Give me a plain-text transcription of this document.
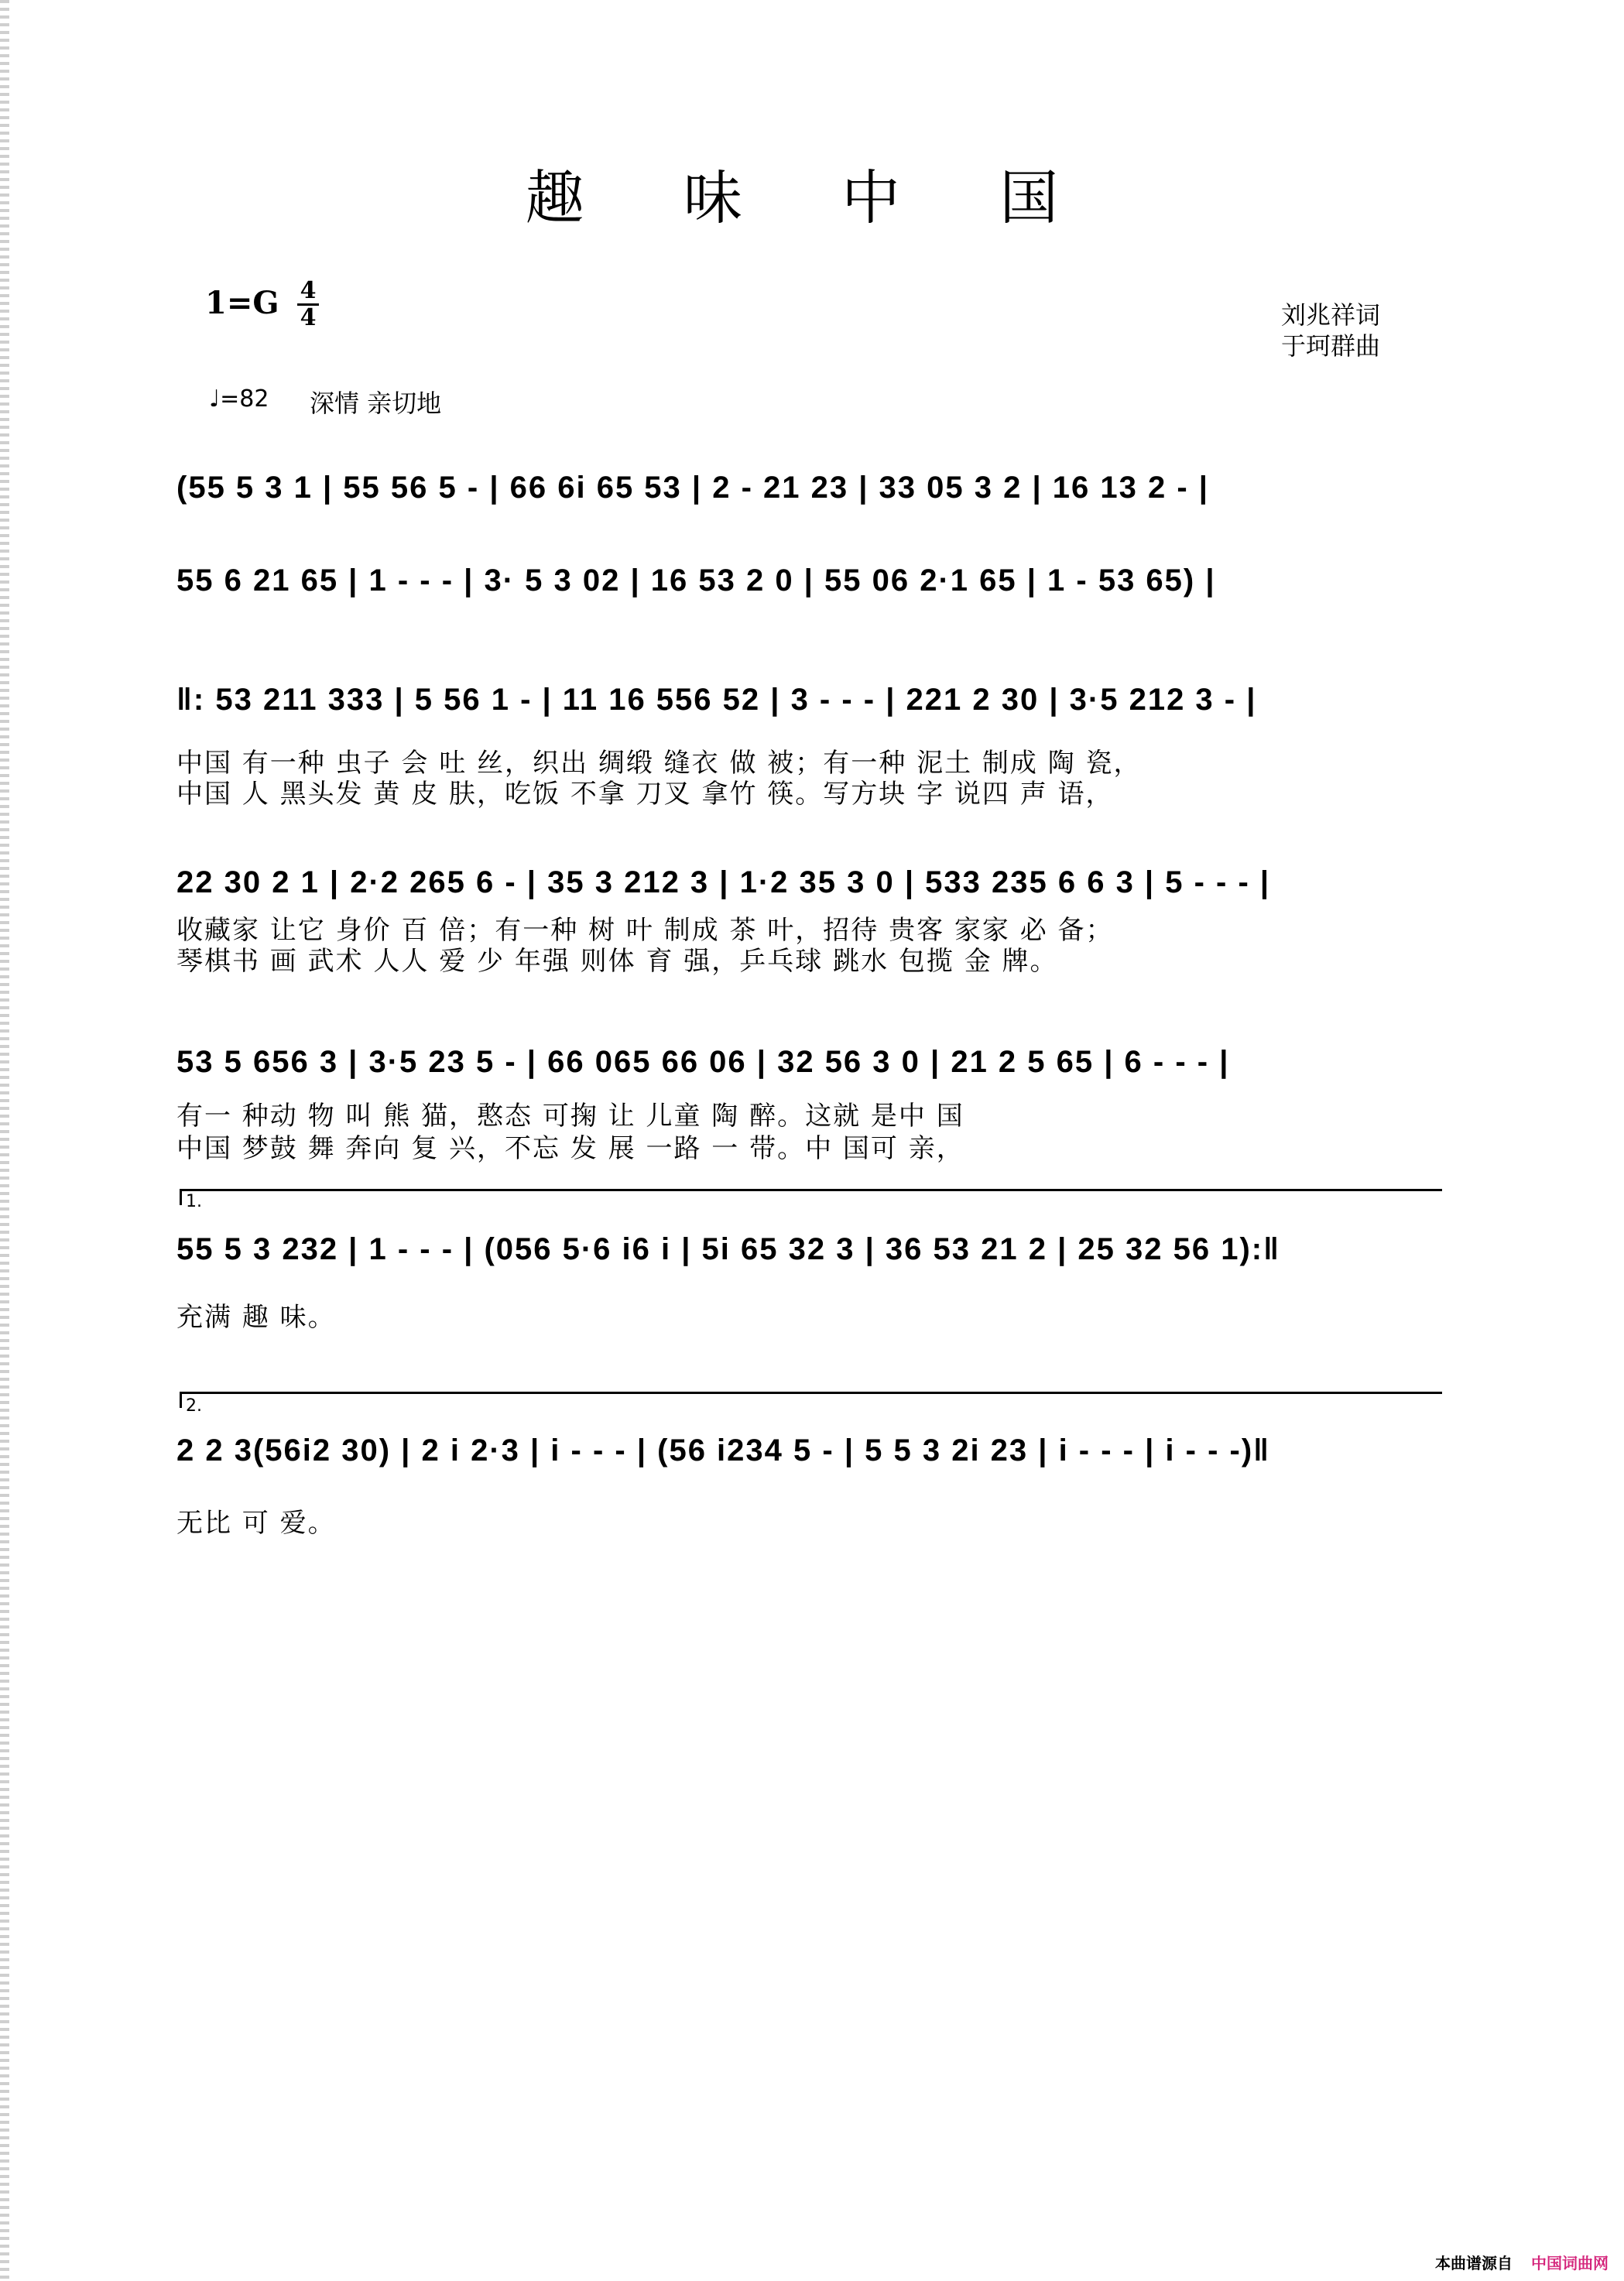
趣 味 中 国
1=G 4
4	刘兆祥词
于珂群曲
♩=82 深情 亲切地
(55 5 3 1 | 55 56 5 - | 66 6i 65 53 | 2 - 21 23 | 33 05 3 2 | 16 13 2 - |
55 6 21 65 | 1 - - - | 3· 5 3 02 | 16 53 2 0 | 55 06 2·1 65 | 1 - 53 65) |
‖: 53 211 333 | 5 56 1 - | 11 16 556 52 | 3 - - - | 221 2 30 | 3·5 212 3 - |
中国 有一种 虫子 会 吐 丝，织出 绸缎 缝衣 做 被；有一种 泥土 制成 陶 瓷，
中国 人 黑头发 黄 皮 肤，吃饭 不拿 刀叉 拿竹 筷。写方块 字 说四 声 语，
22 30 2 1 | 2·2 265 6 - | 35 3 212 3 | 1·2 35 3 0 | 533 235 6 6 3 | 5 - - - |
收藏家 让它 身价 百 倍；有一种 树 叶 制成 茶 叶，招待 贵客 家家 必 备；
琴棋书 画 武术 人人 爱 少 年强 则体 育 强，乒乓球 跳水 包揽 金 牌。
53 5 656 3 | 3·5 23 5 - | 66 065 66 06 | 32 56 3 0 | 21 2 5 65 | 6 - - - |
有一 种动 物 叫 熊 猫，憨态 可掬 让 儿童 陶 醉。这就 是中 国
中国 梦鼓 舞 奔向 复 兴，不忘 发 展 一路 一 带。中 国可 亲，
1.
55 5 3 232 | 1 - - - | (056 5·6 i6 i | 5i 65 32 3 | 36 53 21 2 | 25 32 56 1):‖
充满 趣 味。
2.
2 2 3(56i2 30) | 2 i 2·3 | i - - - | (56 i234 5 - | 5 5 3 2i 23 | i - - - | i - - -)‖
无比 可 爱。
本曲谱源自 中国词曲网
